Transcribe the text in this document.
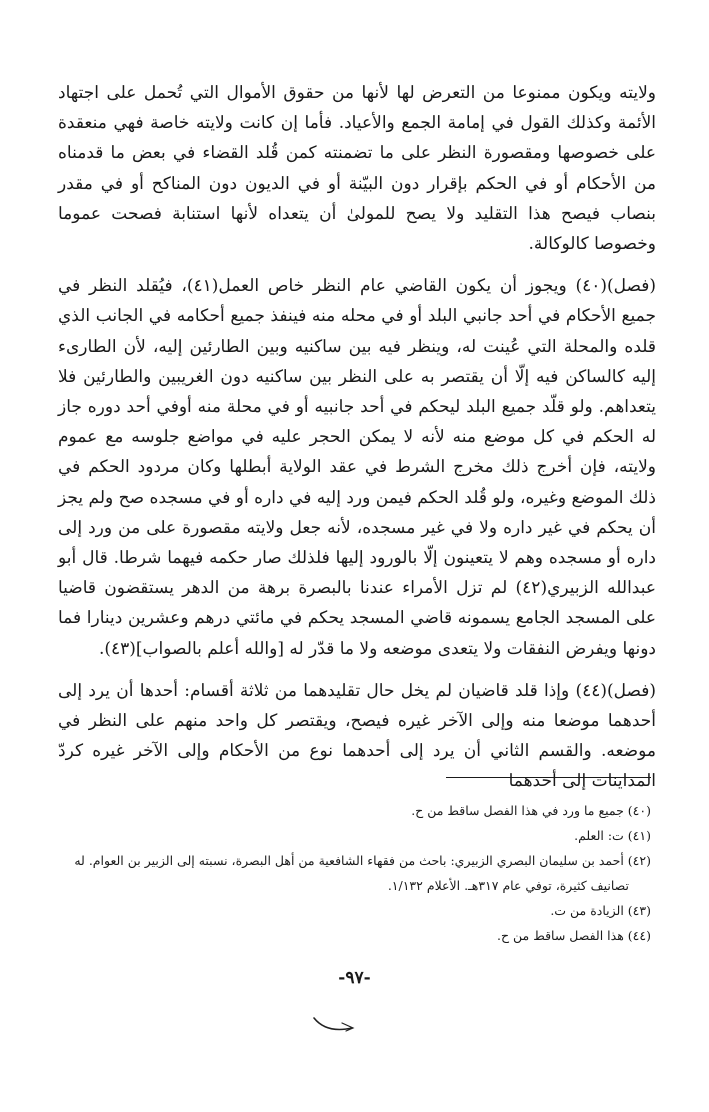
ولايته ويكون ممنوعا من التعرض لها لأنها من حقوق الأموال التي تُحمل على اجتهاد الأئمة وكذلك القول في إمامة الجمع والأعياد. فأما إن كانت ولايته خاصة فهي منعقدة على خصوصها ومقصورة النظر على ما تضمنته كمن قُلد القضاء في بعض ما قدمناه من الأحكام أو في الحكم بإقرار دون البيّنة أو في الديون دون المناكح أو في مقدر بنصاب فيصح هذا التقليد ولا يصح للمولىٰ أن يتعداه لأنها استنابة فصحت عموما وخصوصا كالوكالة.

(فصل)(٤٠) ويجوز أن يكون القاضي عام النظر خاص العمل(٤١)، فيُقلد النظر في جميع الأحكام في أحد جانبي البلد أو في محله منه فينفذ جميع أحكامه في الجانب الذي قلده والمحلة التي عُينت له، وينظر فيه بين ساكنيه وبين الطارئين إليه، لأن الطارىء إليه كالساكن فيه إلّا أن يقتصر به على النظر بين ساكنيه دون الغريبين والطارئين فلا يتعداهم. ولو قلّد جميع البلد ليحكم في أحد جانبيه أو في محلة منه أوفي أحد دوره جاز له الحكم في كل موضع منه لأنه لا يمكن الحجر عليه في مواضع جلوسه مع عموم ولايته، فإن أخرج ذلك مخرج الشرط في عقد الولاية أبطلها وكان مردود الحكم في ذلك الموضع وغيره، ولو قُلد الحكم فيمن ورد إليه في داره أو في مسجده صح ولم يجز أن يحكم في غير داره ولا في غير مسجده، لأنه جعل ولايته مقصورة على من ورد إلى داره أو مسجده وهم لا يتعينون إلّا بالورود إليها فلذلك صار حكمه فيهما شرطا. قال أبو عبدالله الزبيري(٤٢) لم تزل الأمراء عندنا بالبصرة برهة من الدهر يستقضون قاضيا على المسجد الجامع يسمونه قاضي المسجد يحكم في مائتي درهم وعشرين دينارا فما دونها ويفرض النفقات ولا يتعدى موضعه ولا ما قدّر له [والله أعلم بالصواب](٤٣).

(فصل)(٤٤) وإذا قلد قاضيان لم يخل حال تقليدهما من ثلاثة أقسام: أحدها أن يرد إلى أحدهما موضعا منه وإلى الآخر غيره فيصح، ويقتصر كل واحد منهم على النظر في موضعه. والقسم الثاني أن يرد إلى أحدهما نوع من الأحكام وإلى الآخر غيره كردّ المداينات إلى أحدهما

(٤٠) جميع ما ورد في هذا الفصل ساقط من ح.

(٤١) ت: العلم.

(٤٢) أحمد بن سليمان البصري الزبيري: باحث من فقهاء الشافعية من أهل البصرة، نسبته إلى الزبير بن العوام. له

تصانيف كثيرة، توفي عام ٣١٧هـ. الأعلام ١/١٣٢.

(٤٣) الزيادة من ت.

(٤٤) هذا الفصل ساقط من ح.

-٩٧-
